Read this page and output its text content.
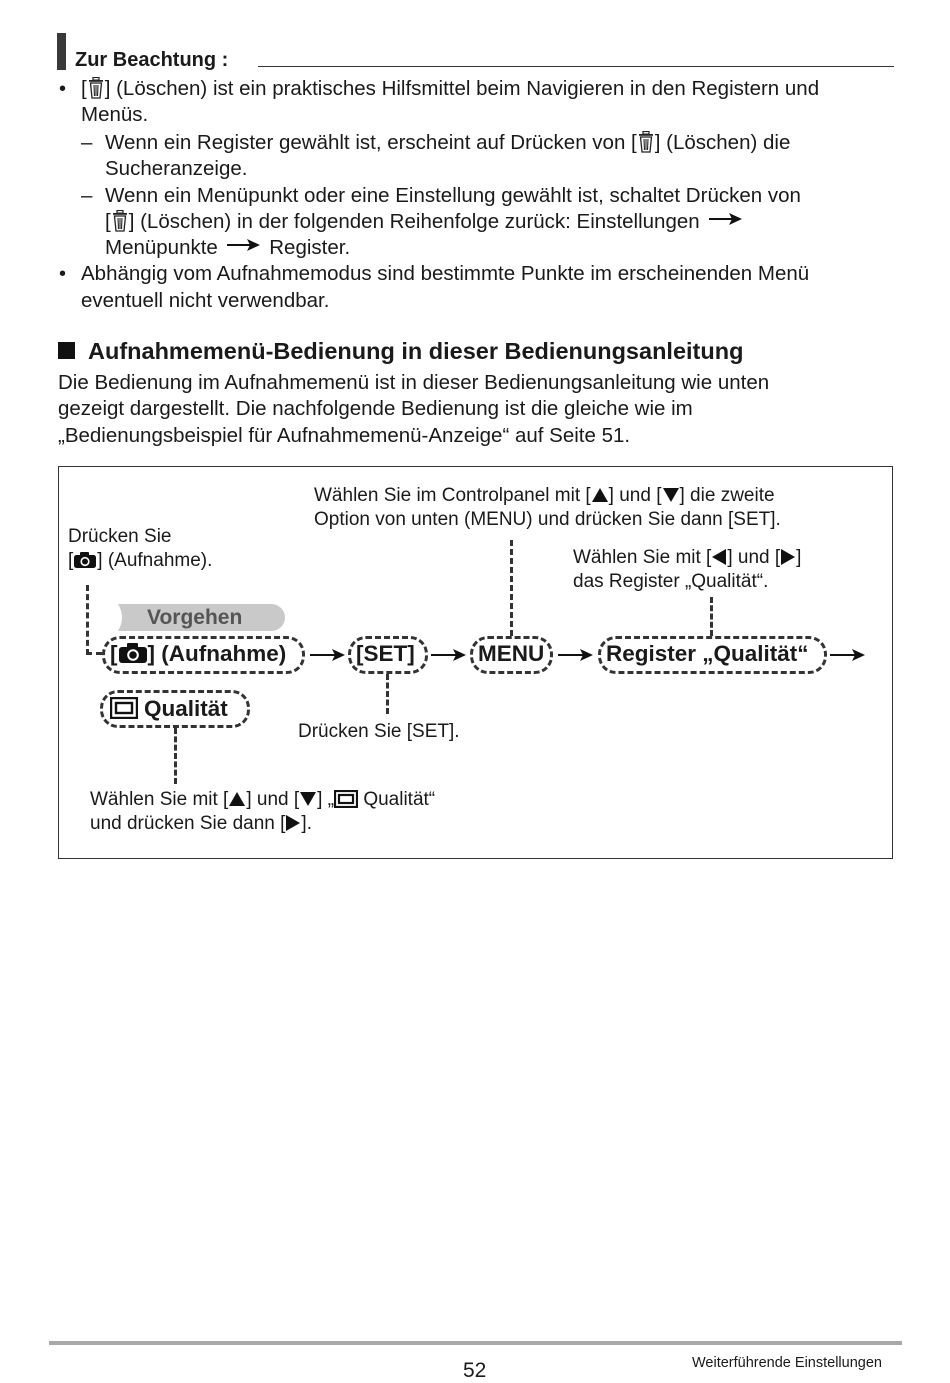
Zur Beachtung :
• [ ] (Löschen) ist ein praktisches Hilfsmittel beim Navigieren in den Registern und
Menüs.
– Wenn ein Register gewählt ist, erscheint auf Drücken von [ ] (Löschen) die
Sucheranzeige.
– Wenn ein Menüpunkt oder eine Einstellung gewählt ist, schaltet Drücken von
[ ] (Löschen) in der folgenden Reihenfolge zurück: Einstellungen
Menüpunkte	Register.
• Abhängig vom Aufnahmemodus sind bestimmte Punkte im erscheinenden Menü
eventuell nicht verwendbar.
Aufnahmemenü-Bedienung in dieser Bedienungsanleitung
Die Bedienung im Aufnahmemenü ist in dieser Bedienungsanleitung wie unten
gezeigt dargestellt. Die nachfolgende Bedienung ist die gleiche wie im
„Bedienungsbeispiel für Aufnahmemenü-Anzeige“ auf Seite 51.
Drücken Sie
[ ] (Aufnahme).
Wählen Sie im Controlpanel mit [ ] und [ ] die zweite
Option von unten (MENU) und drücken Sie dann [SET].
Wählen Sie mit [ ] und [ ]
das Register „Qualität“.
Vorgehen
[ ] (Aufnahme)	[SET]	MENU	Register „Qualität“
Qualität
Drücken Sie [SET].
Wählen Sie mit [ ] und [ ] „ Qualität“
und drücken Sie dann [ ].
52	Weiterführende Einstellungen
